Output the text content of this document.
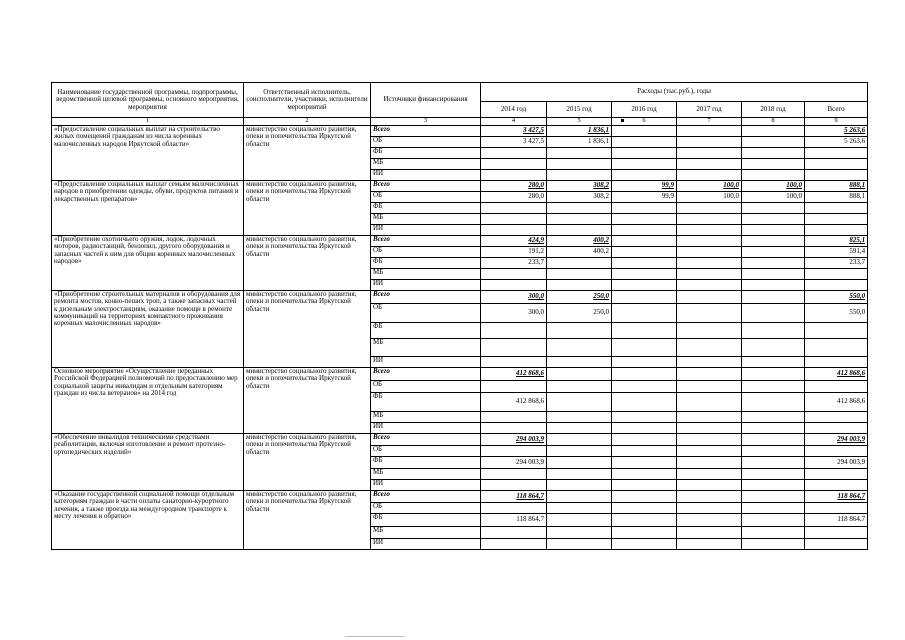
Наименование государственной программы, подпрограммы, ведомственной целевой программы, основного мероприятия, мероприятия	Ответственный исполнитель, соисполнители, участники, исполнители мероприятий	Источники финансирования	Расходы (тыс.руб.), годы					
			2014 год	2015 год	2016 год	2017 год	2018 год	Всего
1	2	3	4	5	6	7	8	9
«Предоставление социальных выплат на строительство жилых помещений гражданам из числа коренных малочисленных народов Иркутской области»	министерство социального развития, опеки и попечительства Иркутской области	Всего	3 427,5	1 836,1				5 263,6
		ОБ	3 427,5	1 836,1				5 263,6
		ФБ						
		МБ						
		ИИ						
«Предоставление социальных выплат семьям малочисленных народов в приобретении одежды, обуви, продуктов питания и лекарственных препаратов»	министерство социального развития, опеки и попечительства Иркутской области	Всего	280,0	308,2	99,9	100,0	100,0	888,1
		ОБ	280,0	308,2	99,9	100,0	100,0	888,1
		ФБ						
		МБ						
		ИИ						
«Приобретение охотничьего оружия, лодок, лодочных моторов, радиостанций, бензопил, другого оборудования и запасных частей к ним для общин коренных малочисленных народов»	министерство социального развития, опеки и попечительства Иркутской области	Всего	424,9	400,2				825,1
		ОБ	191,2	400,2				591,4
		ФБ	233,7					233,7
		МБ						
		ИИ						
«Приобретение строительных материалов и оборудования для ремонта мостов, конно-пеших троп, а также запасных частей к дизельным электростанциям, оказание помощи в ремонте коммуникаций на территориях компактного проживания коренных малочисленных народов»	министерство социального развития, опеки и попечительства Иркутской области	Всего	300,0	250,0				550,0
		ОБ	300,0	250,0				550,0
		ФБ						
		МБ						
		ИИ						
Основное мероприятие «Осуществление переданных Российской Федерацией полномочий по предоставлению мер социальной защиты инвалидам и отдельным категориям граждан из числа ветеранов» на 2014 год	министерство социального развития, опеки и попечительства Иркутской области	Всего	412 868,6					412 868,6
		ОБ						
		ФБ	412 868,6					412 868,6
		МБ						
		ИИ						
«Обеспечение инвалидов техническими средствами реабилитации, включая изготовление и ремонт протезно-ортопедических изделий»	министерство социального развития, опеки и попечительства Иркутской области	Всего	294 003,9					294 003,9
		ОБ						
		ФБ	294 003,9					294 003,9
		МБ						
		ИИ						
«Оказание государственной социальной помощи отдельным категориям граждан в части оплаты санаторно-курортного лечения, а также проезда на междугородном транспорте к месту лечения и обратно»	министерство социального развития, опеки и попечительства Иркутской области	Всего	118 864,7					118 864,7
		ОБ						
		ФБ	118 864,7					118 864,7
		МБ						
		ИИ						
